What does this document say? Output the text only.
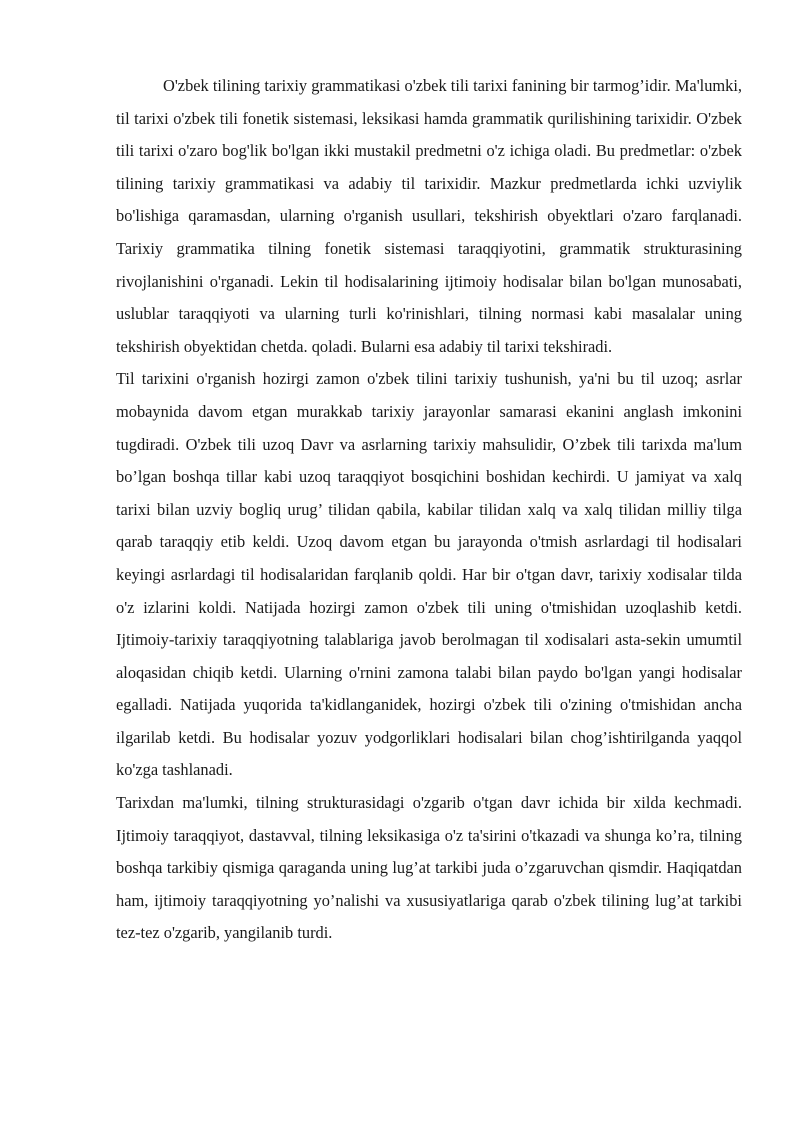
O'zbek tilining tarixiy grammatikasi o'zbek tili tarixi fanining bir tarmog’idir. Ma'lumki, til tarixi o'zbek tili fonetik sistemasi, leksikasi hamda grammatik qurilishining tarixidir. O'zbek tili tarixi o'zaro bog'lik bo'lgan ikki mustakil predmetni o'z ichiga oladi. Bu predmetlar: o'zbek tilining tarixiy grammatikasi va adabiy til tarixidir. Mazkur predmetlarda ichki uzviylik bo'lishiga qaramasdan, ularning o'rganish usullari, tekshirish obyektlari o'zaro farqlanadi. Tarixiy grammatika tilning fonetik sistemasi taraqqiyotini, grammatik strukturasining rivojlanishini o'rganadi. Lekin til hodisalarining ijtimoiy hodisalar bilan bo'lgan munosabati, uslublar taraqqiyoti va ularning turli ko'rinishlari, tilning normasi kabi masalalar uning tekshirish obyektidan chetda. qoladi. Bularni esa adabiy til tarixi tekshiradi.

Til tarixini o'rganish hozirgi zamon o'zbek tilini tarixiy tushunish, ya'ni bu til uzoq; asrlar mobaynida davom etgan murakkab tarixiy jarayonlar samarasi ekanini anglash imkonini tugdiradi. O'zbek tili uzoq Davr va asrlarning tarixiy mahsulidir, O’zbek tili tarixda ma'lum bo’lgan boshqa tillar kabi uzoq taraqqiyot bosqichini boshidan kechirdi. U jamiyat va xalq tarixi bilan uzviy bogliq urug’ tilidan qabila, kabilar tilidan xalq va xalq tilidan milliy tilga qarab taraqqiy etib keldi. Uzoq davom etgan bu jarayonda o'tmish asrlardagi til hodisalari keyingi asrlardagi til hodisalaridan farqlanib qoldi. Har bir o'tgan davr, tarixiy xodisalar tilda o'z izlarini koldi. Natijada hozirgi zamon o'zbek tili uning o'tmishidan uzoqlashib ketdi. Ijtimoiy-tarixiy taraqqiyotning talablariga javob berolmagan til xodisalari asta-sekin umumtil aloqasidan chiqib ketdi. Ularning o'rnini zamona talabi bilan paydo bo'lgan yangi hodisalar egalladi. Natijada yuqorida ta'kidlanganidek, hozirgi o'zbek tili o'zining o'tmishidan ancha ilgarilab ketdi. Bu hodisalar yozuv yodgorliklari hodisalari bilan chog’ishtirilganda yaqqol ko'zga tashlanadi.

Tarixdan ma'lumki, tilning strukturasidagi o'zgarib o'tgan davr ichida bir xilda kechmadi. Ijtimoiy taraqqiyot, dastavval, tilning leksikasiga o'z ta'sirini o'tkazadi va shunga ko’ra, tilning boshqa tarkibiy qismiga qaraganda uning lug’at tarkibi juda o’zgaruvchan qismdir. Haqiqatdan ham, ijtimoiy taraqqiyotning yo’nalishi va xususiyatlariga qarab o'zbek tilining lug’at tarkibi tez-tez o'zgarib, yangilanib turdi.
